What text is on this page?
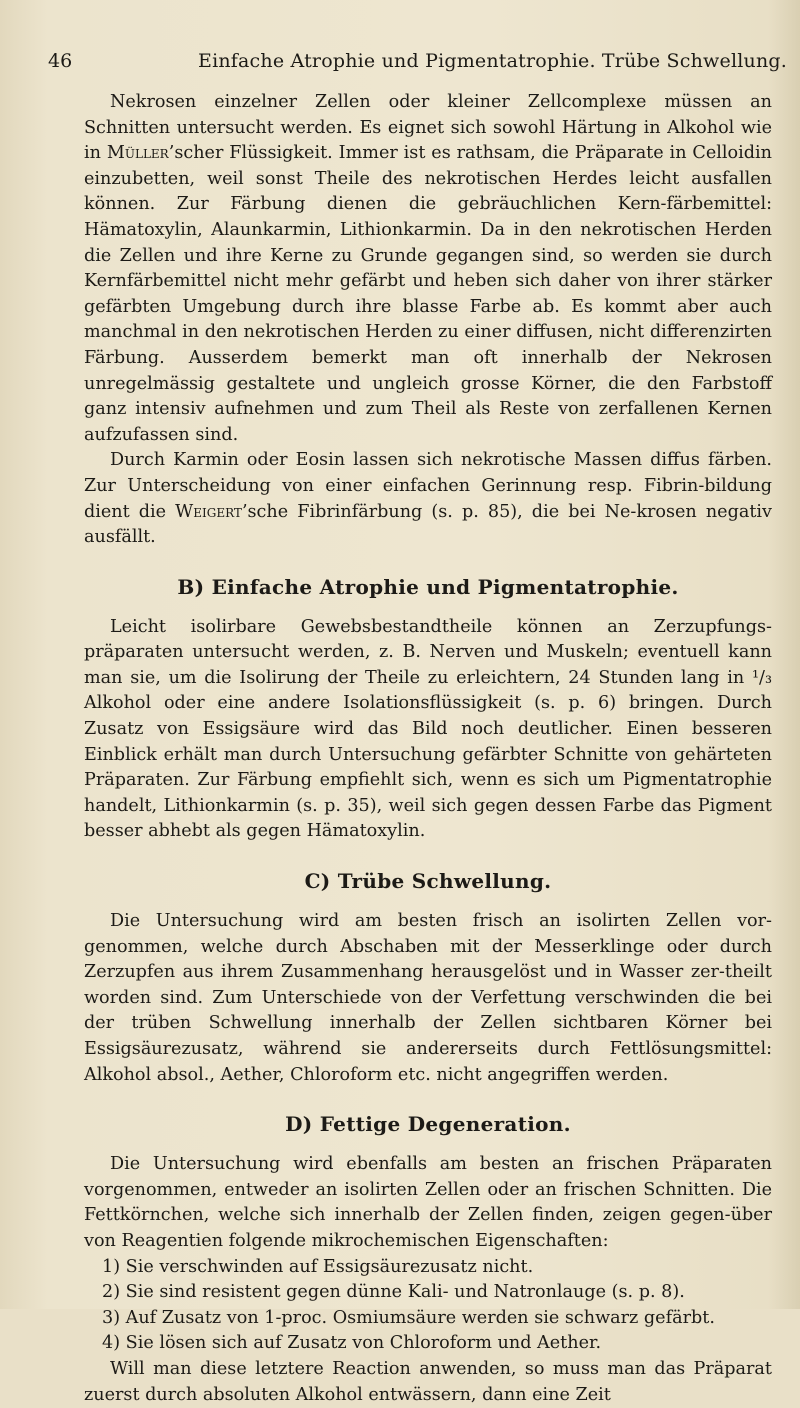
46	Einfache Atrophie und Pigmentatrophie. Trübe Schwellung.

Nekrosen einzelner Zellen oder kleiner Zellcomplexe müssen an Schnitten untersucht werden. Es eignet sich sowohl Härtung in Alkohol wie in Müller’scher Flüssigkeit. Immer ist es rathsam, die Präparate in Celloidin einzubetten, weil sonst Theile des nekrotischen Herdes leicht ausfallen können. Zur Färbung dienen die gebräuchlichen Kern-färbemittel: Hämatoxylin, Alaunkarmin, Lithionkarmin. Da in den nekrotischen Herden die Zellen und ihre Kerne zu Grunde gegangen sind, so werden sie durch Kernfärbemittel nicht mehr gefärbt und heben sich daher von ihrer stärker gefärbten Umgebung durch ihre blasse Farbe ab. Es kommt aber auch manchmal in den nekrotischen Herden zu einer diffusen, nicht differenzirten Färbung. Ausserdem bemerkt man oft innerhalb der Nekrosen unregelmässig gestaltete und ungleich grosse Körner, die den Farbstoff ganz intensiv aufnehmen und zum Theil als Reste von zerfallenen Kernen aufzufassen sind.

Durch Karmin oder Eosin lassen sich nekrotische Massen diffus färben. Zur Unterscheidung von einer einfachen Gerinnung resp. Fibrin-bildung dient die Weigert’sche Fibrinfärbung (s. p. 85), die bei Ne-krosen negativ ausfällt.

B) Einfache Atrophie und Pigmentatrophie.

Leicht isolirbare Gewebsbestandtheile können an Zerzupfungs-präparaten untersucht werden, z. B. Nerven und Muskeln; eventuell kann man sie, um die Isolirung der Theile zu erleichtern, 24 Stunden lang in ¹/₃ Alkohol oder eine andere Isolationsflüssigkeit (s. p. 6) bringen. Durch Zusatz von Essigsäure wird das Bild noch deutlicher. Einen besseren Einblick erhält man durch Untersuchung gefärbter Schnitte von gehärteten Präparaten. Zur Färbung empfiehlt sich, wenn es sich um Pigmentatrophie handelt, Lithionkarmin (s. p. 35), weil sich gegen dessen Farbe das Pigment besser abhebt als gegen Hämatoxylin.

C) Trübe Schwellung.

Die Untersuchung wird am besten frisch an isolirten Zellen vor-genommen, welche durch Abschaben mit der Messerklinge oder durch Zerzupfen aus ihrem Zusammenhang herausgelöst und in Wasser zer-theilt worden sind. Zum Unterschiede von der Verfettung verschwinden die bei der trüben Schwellung innerhalb der Zellen sichtbaren Körner bei Essigsäurezusatz, während sie andererseits durch Fettlösungsmittel: Alkohol absol., Aether, Chloroform etc. nicht angegriffen werden.

D) Fettige Degeneration.

Die Untersuchung wird ebenfalls am besten an frischen Präparaten vorgenommen, entweder an isolirten Zellen oder an frischen Schnitten. Die Fettkörnchen, welche sich innerhalb der Zellen finden, zeigen gegen-über von Reagentien folgende mikrochemischen Eigenschaften:

1) Sie verschwinden auf Essigsäurezusatz nicht.
2) Sie sind resistent gegen dünne Kali- und Natronlauge (s. p. 8).
3) Auf Zusatz von 1-proc. Osmiumsäure werden sie schwarz gefärbt.
4) Sie lösen sich auf Zusatz von Chloroform und Aether.

Will man diese letztere Reaction anwenden, so muss man das Präparat zuerst durch absoluten Alkohol entwässern, dann eine Zeit
